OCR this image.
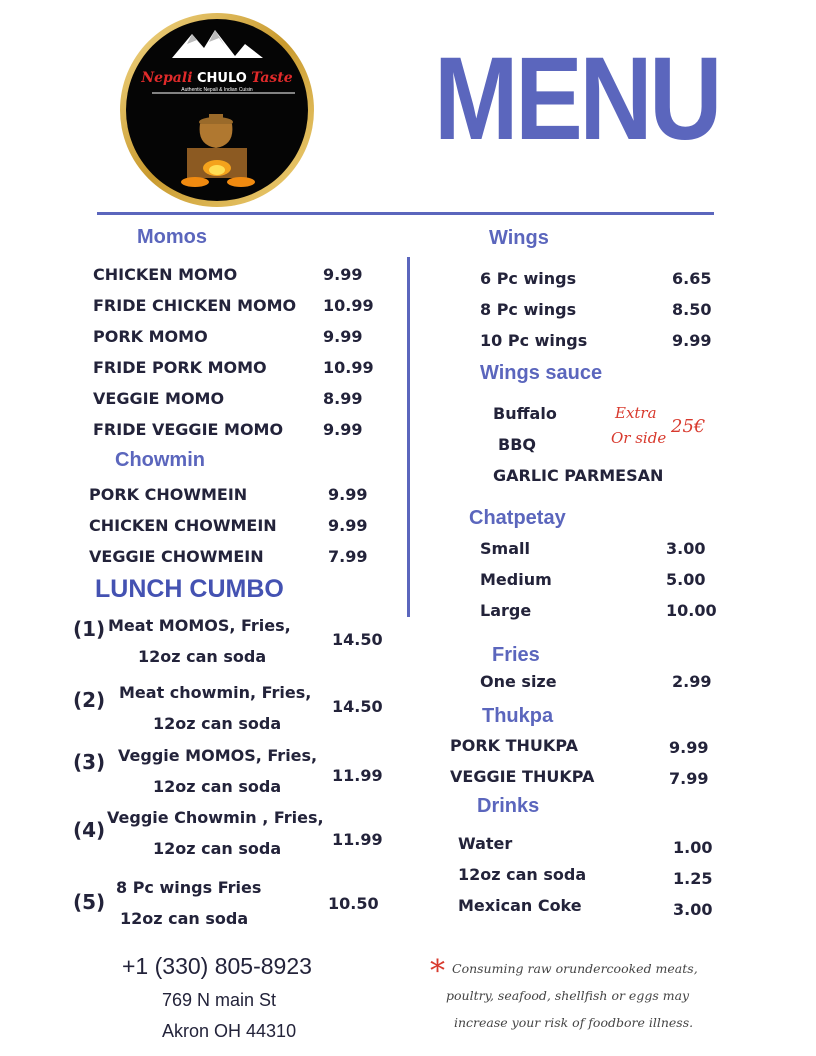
Nepali CHULO Taste
Authentic Nepali & Indian Cuisin	MENU
Momos
CHICKEN MOMO	9.99
FRIDE CHICKEN MOMO 10.99
PORK MOMO	9.99
FRIDE PORK MOMO	10.99
VEGGIE MOMO	8.99
FRIDE VEGGIE MOMO 9.99
Chowmin
PORK CHOWMEIN	9.99
CHICKEN CHOWMEIN	9.99
VEGGIE CHOWMEIN	7.99
LUNCH CUMBO
(1) Meat MOMOS, Fries,
12oz can soda
14.50
(2) Meat chowmin, Fries,
12oz can soda
14.50
(3) Veggie MOMOS, Fries,
12oz can soda
11.99
(4)
Veggie Chowmin , Fries,
12oz can soda	11.99
(5)
8 Pc wings Fries
12oz can soda
10.50
+1 (330) 805-8923
769 N main St
Akron OH 44310
Wings
6 Pc wings	6.65
8 Pc wings	8.50
10 Pc wings	9.99
Wings sauce
Buffalo
BBQ
GARLIC PARMESAN
Extra
Or side
25€
Chatpetay
Small	3.00
Medium	5.00
Large	10.00
Fries
One size	2.99
Thukpa
PORK THUKPA	9.99
VEGGIE THUKPA	7.99
Drinks
Water	1.00
12oz can soda	1.25
Mexican Coke	3.00
* Consuming raw orundercooked meats,
poultry, seafood, shellfish or eggs may
increase your risk of foodbore illness.
